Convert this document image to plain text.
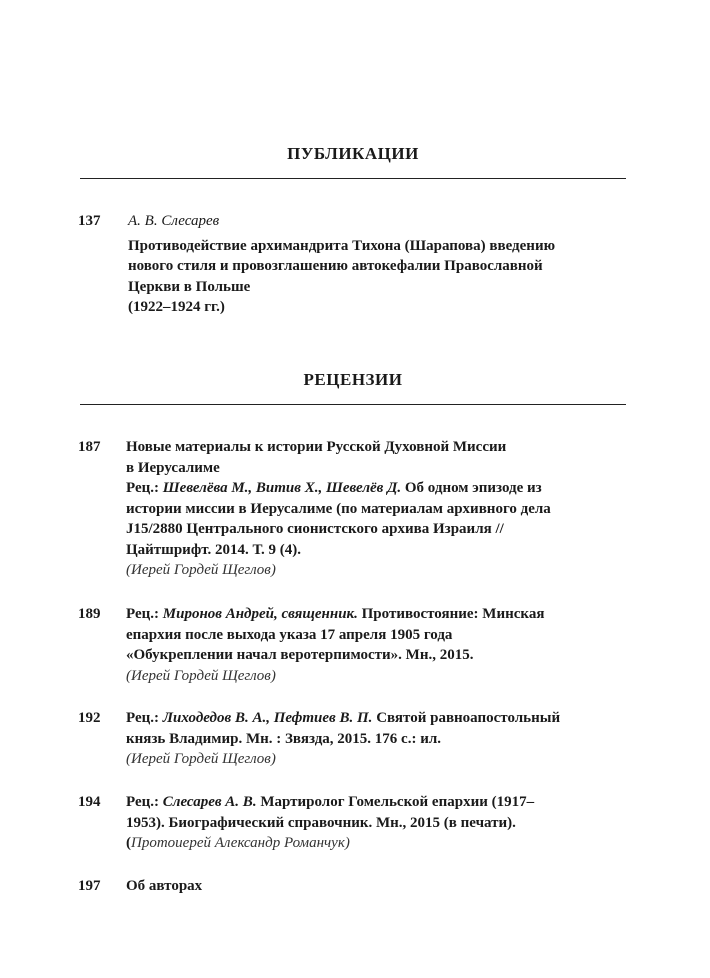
ПУБЛИКАЦИИ
137 А. В. Слесарев
Противодействие архимандрита Тихона (Шарапова) введению
нового стиля и провозглашению автокефалии Православной
Церкви в Польше
(1922–1924 гг.)
РЕЦЕНЗИИ
187 Новые материалы к истории Русской Духовной Миссии
в Иерусалиме
Рец.: Шевелёва М., Витив Х., Шевелёв Д. Об одном эпизоде из
истории миссии в Иерусалиме (по материалам архивного дела
J15/2880 Центрального сионистского архива Израиля //
Цайтшрифт. 2014. Т. 9 (4).
(Иерей Гордей Щеглов)
189 Рец.: Миронов Андрей, священник. Противостояние: Минская
епархия после выхода указа 17 апреля 1905 года
«Обукреплении начал веротерпимости». Мн., 2015.
(Иерей Гордей Щеглов)
192 Рец.: Лиходедов В. А., Пефтиев В. П. Святой равноапостольный
князь Владимир. Мн. : Звязда, 2015. 176 с.: ил.
(Иерей Гордей Щеглов)
194 Рец.: Слесарев А. В. Мартиролог Гомельской епархии (1917–
1953). Биографический справочник. Мн., 2015 (в печати).
(Протоиерей Александр Романчук)
197 Об авторах
